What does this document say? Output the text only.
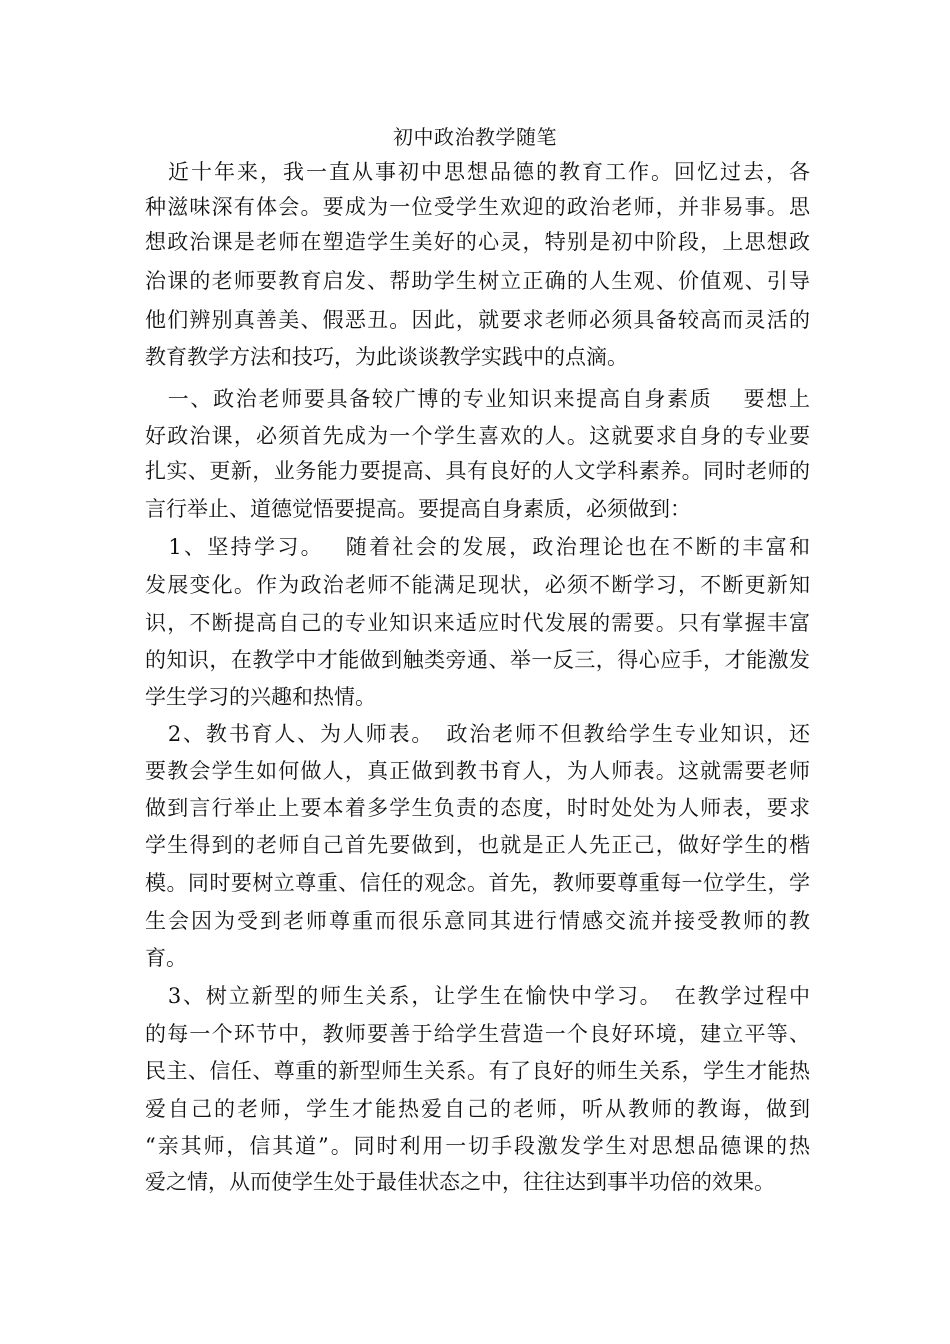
初中政治教学随笔
　近十年来，我一直从事初中思想品德的教育工作。回忆过去，各
种滋味深有体会。要成为一位受学生欢迎的政治老师，并非易事。思
想政治课是老师在塑造学生美好的心灵，特别是初中阶段，上思想政
治课的老师要教育启发、帮助学生树立正确的人生观、价值观、引导
他们辨别真善美、假恶丑。因此，就要求老师必须具备较高而灵活的
教育教学方法和技巧，为此谈谈教学实践中的点滴。
　一、政治老师要具备较广博的专业知识来提高自身素质　 要想上
好政治课，必须首先成为一个学生喜欢的人。这就要求自身的专业要
扎实、更新，业务能力要提高、具有良好的人文学科素养。同时老师的
言行举止、道德觉悟要提高。要提高自身素质，必须做到：
　1、坚持学习。　 随着社会的发展，政治理论也在不断的丰富和
发展变化。作为政治老师不能满足现状，必须不断学习，不断更新知
识，不断提高自己的专业知识来适应时代发展的需要。只有掌握丰富
的知识，在教学中才能做到触类旁通、举一反三，得心应手，才能激发
学生学习的兴趣和热情。
　2、教书育人、为人师表。　政治老师不但教给学生专业知识，还
要教会学生如何做人，真正做到教书育人，为人师表。这就需要老师
做到言行举止上要本着多学生负责的态度，时时处处为人师表，要求
学生得到的老师自己首先要做到，也就是正人先正己，做好学生的楷
模。同时要树立尊重、信任的观念。首先，教师要尊重每一位学生，学
生会因为受到老师尊重而很乐意同其进行情感交流并接受教师的教
育。
　3、树立新型的师生关系，让学生在愉快中学习。　在教学过程中
的每一个环节中，教师要善于给学生营造一个良好环境，建立平等、
民主、信任、尊重的新型师生关系。有了良好的师生关系，学生才能热
爱自己的老师，学生才能热爱自己的老师，听从教师的教诲，做到
“亲其师，信其道”。同时利用一切手段激发学生对思想品德课的热
爱之情，从而使学生处于最佳状态之中，往往达到事半功倍的效果。
